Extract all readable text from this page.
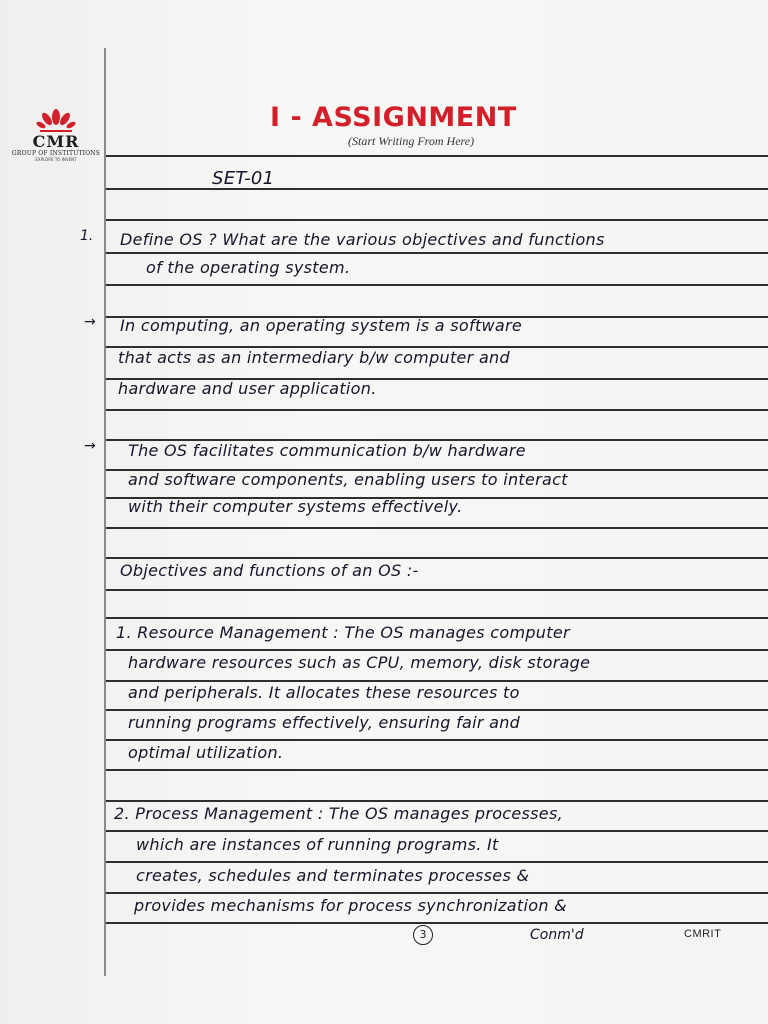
CMR
GROUP OF INSTITUTIONS
EXPLORE TO INVENT
I - ASSIGNMENT
(Start Writing From Here)
SET-01
1.
→
→
Define OS ? What are the various objectives and functions
of the operating system.
In computing, an operating system is a software
that acts as an intermediary b/w computer and
hardware and user application.
The OS facilitates communication b/w hardware
and software components, enabling users to interact
with their computer systems effectively.
Objectives and functions of an OS :-
1. Resource Management : The OS manages computer
hardware resources such as CPU, memory, disk storage
and peripherals. It allocates these resources to
running programs effectively, ensuring fair and
optimal utilization.
2. Process Management : The OS manages processes,
which are instances of running programs. It
creates, schedules and terminates processes &
provides mechanisms for process synchronization &
3	Conm'd	CMRIT
